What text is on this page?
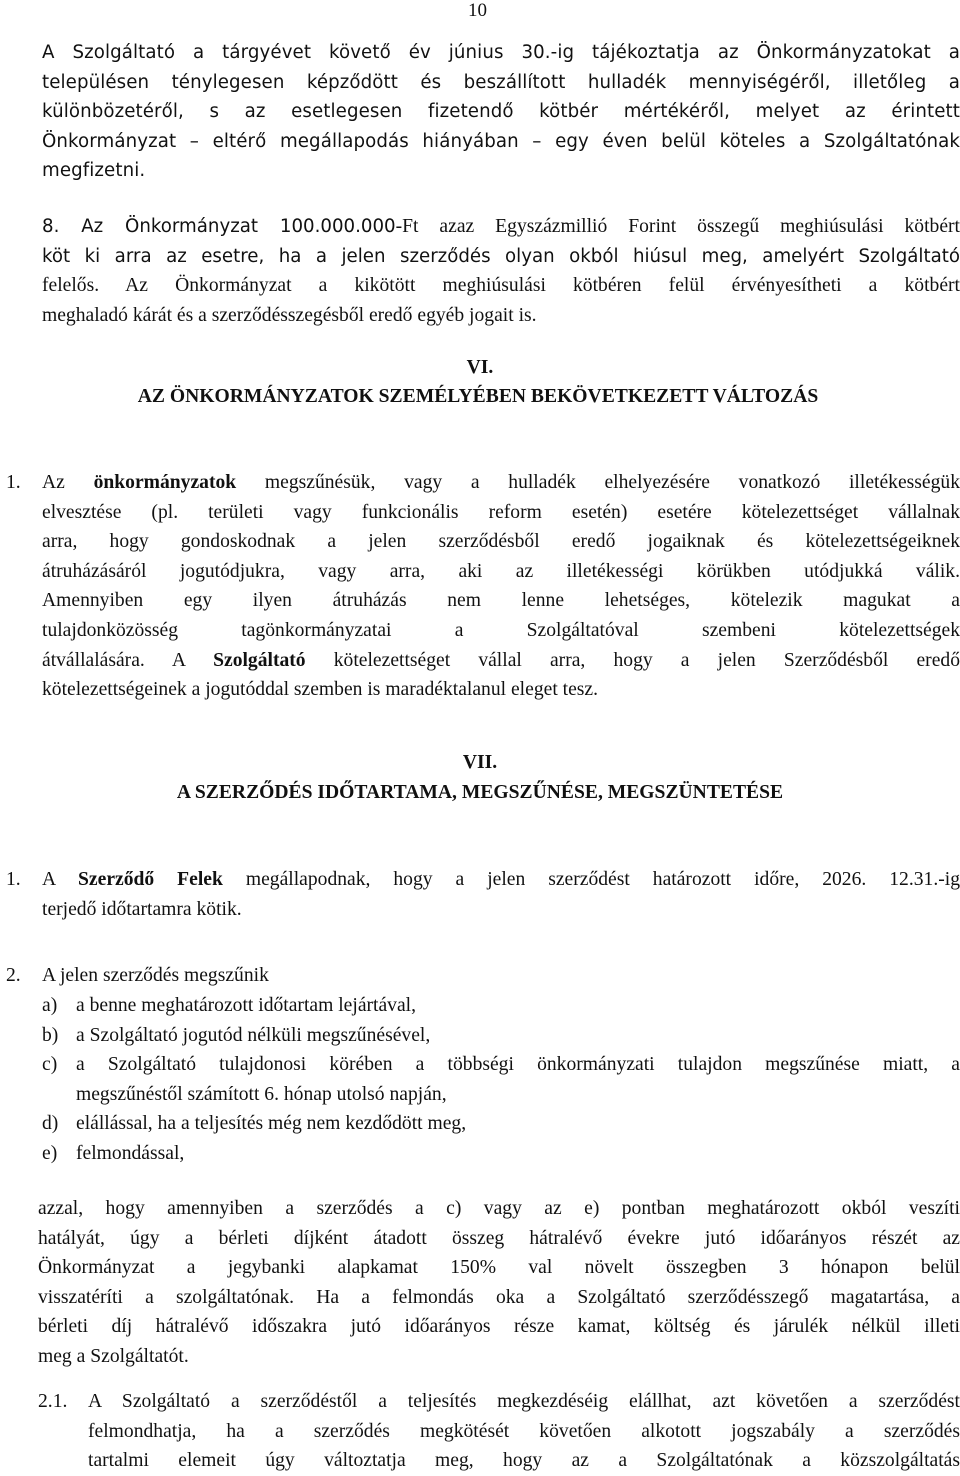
10
A Szolgáltató a tárgyévet követő év június 30.-ig tájékoztatja az Önkormányzatokat a
településen ténylegesen képződött és beszállított hulladék mennyiségéről, illetőleg a
különbözetéről, s az esetlegesen fizetendő kötbér mértékéről, melyet az érintett
Önkormányzat – eltérő megállapodás hiányában – egy éven belül köteles a Szolgáltatónak
megfizetni.
8. Az Önkormányzat 100.000.000-Ft azaz Egyszázmillió Forint összegű meghiúsulási kötbért
köt ki arra az esetre, ha a jelen szerződés olyan okból hiúsul meg, amelyért Szolgáltató
felelős. Az Önkormányzat a kikötött meghiúsulási kötbéren felül érvényesítheti a kötbért
meghaladó kárát és a szerződésszegésből eredő egyéb jogait is.
VI.
AZ ÖNKORMÁNYZATOK SZEMÉLYÉBEN BEKÖVETKEZETT VÁLTOZÁS
1. Az önkormányzatok megszűnésük, vagy a hulladék elhelyezésére vonatkozó illetékességük
elvesztése (pl. területi vagy funkcionális reform esetén) esetére kötelezettséget vállalnak
arra, hogy gondoskodnak a jelen szerződésből eredő jogaiknak és kötelezettségeiknek
átruházásáról jogutódjukra, vagy arra, aki az illetékességi körükben utódjukká válik.
Amennyiben egy ilyen átruházás nem lenne lehetséges, kötelezik magukat a
tulajdonközösség tagönkormányzatai a Szolgáltatóval szembeni kötelezettségek
átvállalására. A Szolgáltató kötelezettséget vállal arra, hogy a jelen Szerződésből eredő
kötelezettségeinek a jogutóddal szemben is maradéktalanul eleget tesz.
VII.
A SZERZŐDÉS IDŐTARTAMA, MEGSZŰNÉSE, MEGSZÜNTETÉSE
1. A Szerződő Felek megállapodnak, hogy a jelen szerződést határozott időre, 2026. 12.31.-ig
terjedő időtartamra kötik.
2. A jelen szerződés megszűnik
a) a benne meghatározott időtartam lejártával,
b) a Szolgáltató jogutód nélküli megszűnésével,
c) a Szolgáltató tulajdonosi körében a többségi önkormányzati tulajdon megszűnése miatt, a
megszűnéstől számított 6. hónap utolsó napján,
d) elállással, ha a teljesítés még nem kezdődött meg,
e) felmondással,
azzal, hogy amennyiben a szerződés a c) vagy az e) pontban meghatározott okból veszíti
hatályát, úgy a bérleti díjként átadott összeg hátralévő évekre jutó időarányos részét az
Önkormányzat a jegybanki alapkamat 150% val növelt összegben 3 hónapon belül
visszatéríti a szolgáltatónak. Ha a felmondás oka a Szolgáltató szerződésszegő magatartása, a
bérleti díj hátralévő időszakra jutó időarányos része kamat, költség és járulék nélkül illeti
meg a Szolgáltatót.
2.1. A Szolgáltató a szerződéstől a teljesítés megkezdéséig elállhat, azt követően a szerződést
felmondhatja, ha a szerződés megkötését követően alkotott jogszabály a szerződés
tartalmi elemeit úgy változtatja meg, hogy az a Szolgáltatónak a közszolgáltatás
